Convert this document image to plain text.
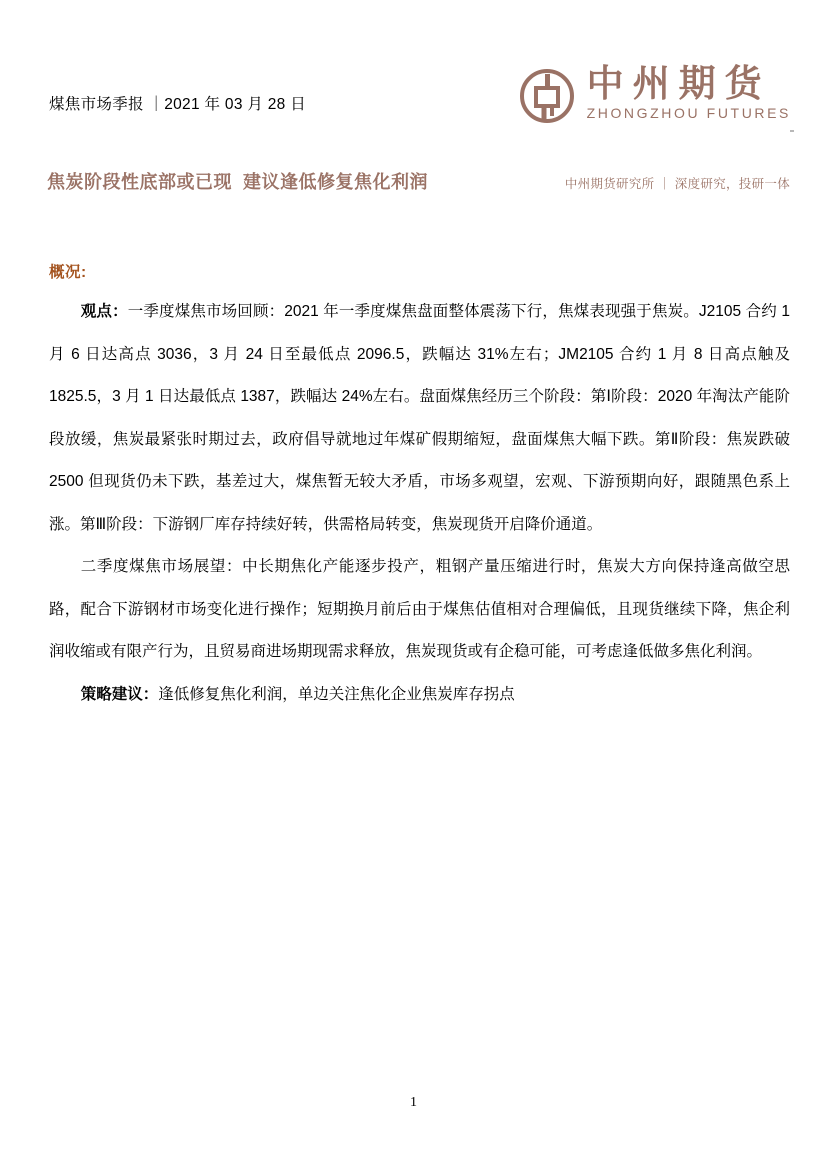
煤焦市场季报 ｜2021 年 03 月 28 日
中州期货
ZHONGZHOU FUTURES
焦炭阶段性底部或已现  建议逢低修复焦化利润	中州期货研究所 ｜ 深度研究，投研一体
概况:

观点：一季度煤焦市场回顾：2021 年一季度煤焦盘面整体震荡下行，焦煤表现强于焦炭。J2105 合约 1 月 6 日达高点 3036，3 月 24 日至最低点 2096.5，跌幅达 31%左右；JM2105 合约 1 月 8 日高点触及 1825.5，3 月 1 日达最低点 1387，跌幅达 24%左右。盘面煤焦经历三个阶段：第Ⅰ阶段：2020 年淘汰产能阶段放缓，焦炭最紧张时期过去，政府倡导就地过年煤矿假期缩短，盘面煤焦大幅下跌。第Ⅱ阶段：焦炭跌破 2500 但现货仍未下跌，基差过大，煤焦暂无较大矛盾，市场多观望，宏观、下游预期向好，跟随黑色系上涨。第Ⅲ阶段：下游钢厂库存持续好转，供需格局转变，焦炭现货开启降价通道。

二季度煤焦市场展望：中长期焦化产能逐步投产，粗钢产量压缩进行时，焦炭大方向保持逢高做空思路，配合下游钢材市场变化进行操作；短期换月前后由于煤焦估值相对合理偏低，且现货继续下降，焦企利润收缩或有限产行为，且贸易商进场期现需求释放，焦炭现货或有企稳可能，可考虑逢低做多焦化利润。

策略建议：逢低修复焦化利润，单边关注焦化企业焦炭库存拐点

1
